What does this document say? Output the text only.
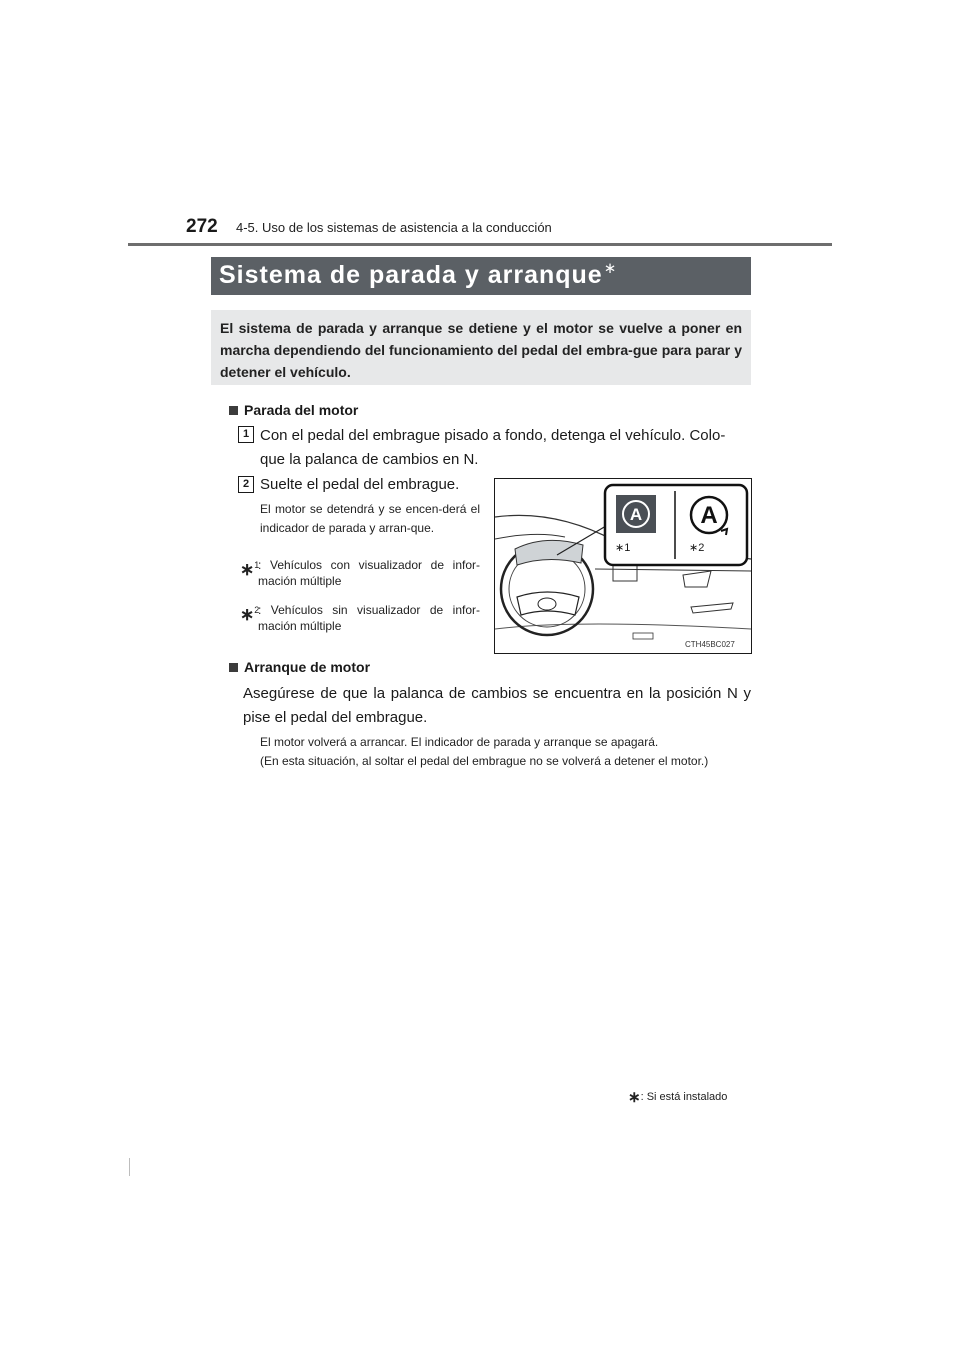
272 4-5. Uso de los sistemas de asistencia a la conducción
Sistema de parada y arranque∗
El sistema de parada y arranque se detiene y el motor se vuelve a poner en marcha dependiendo del funcionamiento del pedal del embra-gue para parar y detener el vehículo.
Parada del motor
1 Con el pedal del embrague pisado a fondo, detenga el vehículo. Colo-
que la palanca de cambios en N.
2 Suelte el pedal del embrague.
El motor se detendrá y se encen-derá el indicador de parada y arran-que.
∗$^1$
: Vehículos con visualizador de infor-mación múltiple
∗$^2$
: Vehículos sin visualizador de infor-mación múltiple
A A
∗1	∗2
CTH45BC027
Arranque de motor
Asegúrese de que la palanca de cambios se encuentra en la posición N y pise el pedal del embrague.
El motor volverá a arrancar. El indicador de parada y arranque se apagará.
(En esta situación, al soltar el pedal del embrague no se volverá a detener el motor.)
∗: Si está instalado
